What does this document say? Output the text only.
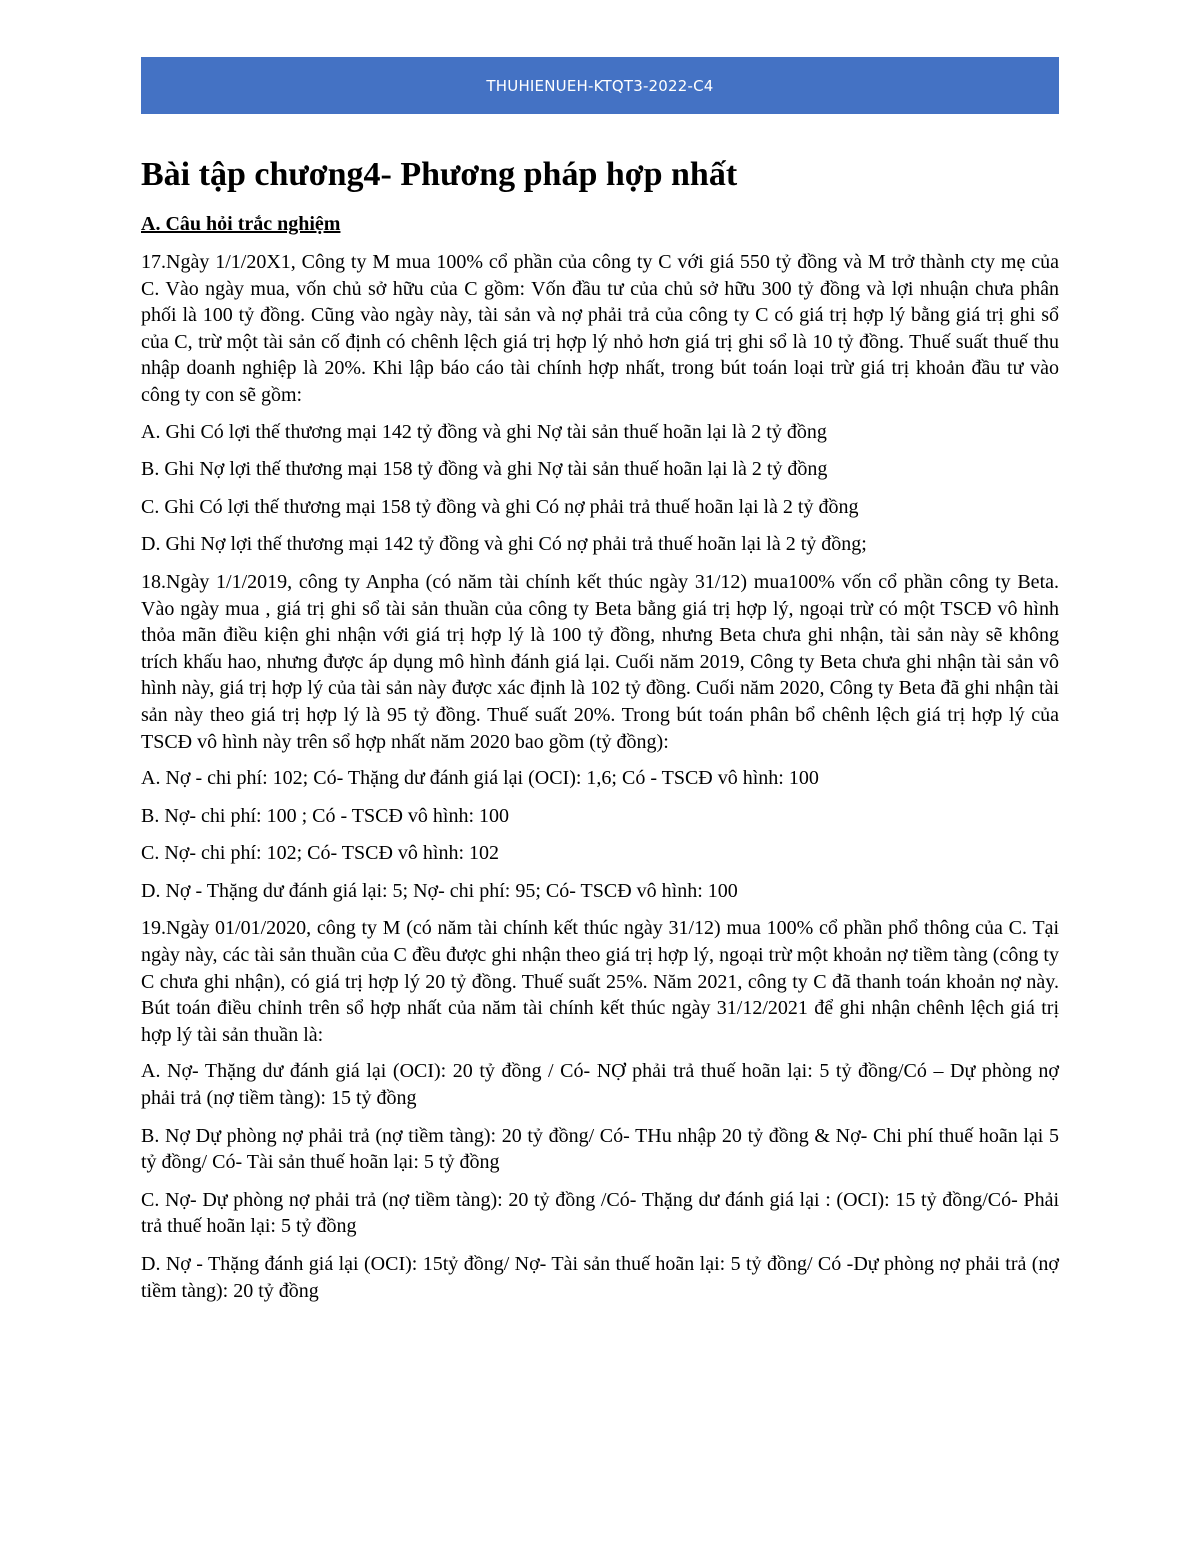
THUHIENUEH-KTQT3-2022-C4
Bài tập chương4- Phương pháp hợp nhất
A. Câu hỏi trắc nghiệm

17.Ngày 1/1/20X1, Công ty M mua 100% cổ phần của công ty C với giá 550 tỷ đồng và M trở thành cty mẹ của C. Vào ngày mua, vốn chủ sở hữu của C gồm: Vốn đầu tư của chủ sở hữu 300 tỷ đồng và lợi nhuận chưa phân phối là 100 tỷ đồng. Cũng vào ngày này, tài sản và nợ phải trả của công ty C có giá trị hợp lý bằng giá trị ghi sổ của C, trừ một tài sản cố định có chênh lệch giá trị hợp lý nhỏ hơn giá trị ghi sổ là 10 tỷ đồng. Thuế suất thuế thu nhập doanh nghiệp là 20%. Khi lập báo cáo tài chính hợp nhất, trong bút toán loại trừ giá trị khoản đầu tư vào công ty con sẽ gồm:

A. Ghi Có lợi thế thương mại 142 tỷ đồng và ghi Nợ tài sản thuế hoãn lại là 2 tỷ đồng

B. Ghi Nợ lợi thế thương mại 158 tỷ đồng và ghi Nợ tài sản thuế hoãn lại là 2 tỷ đồng

C. Ghi Có lợi thế thương mại 158 tỷ đồng và ghi Có nợ phải trả thuế hoãn lại là 2 tỷ đồng

D. Ghi Nợ lợi thế thương mại 142 tỷ đồng và ghi Có nợ phải trả thuế hoãn lại là 2 tỷ đồng;

18.Ngày 1/1/2019, công ty Anpha (có năm tài chính kết thúc ngày 31/12) mua100% vốn cổ phần công ty Beta. Vào ngày mua , giá trị ghi sổ tài sản thuần của công ty Beta bằng giá trị hợp lý, ngoại trừ có một TSCĐ vô hình thỏa mãn điều kiện ghi nhận với giá trị hợp lý là 100 tỷ đồng, nhưng Beta chưa ghi nhận, tài sản này sẽ không trích khấu hao, nhưng được áp dụng mô hình đánh giá lại. Cuối năm 2019, Công ty Beta chưa ghi nhận tài sản vô hình này, giá trị hợp lý của tài sản này được xác định là 102 tỷ đồng. Cuối năm 2020, Công ty Beta đã ghi nhận tài sản này theo giá trị hợp lý là 95 tỷ đồng. Thuế suất 20%. Trong bút toán phân bổ chênh lệch giá trị hợp lý của TSCĐ vô hình này trên sổ hợp nhất năm 2020 bao gồm (tỷ đồng):

A. Nợ - chi phí: 102; Có- Thặng dư đánh giá lại (OCI): 1,6; Có - TSCĐ vô hình: 100

B. Nợ- chi phí: 100 ; Có - TSCĐ vô hình: 100

C. Nợ- chi phí: 102; Có- TSCĐ vô hình: 102

D. Nợ - Thặng dư đánh giá lại: 5; Nợ- chi phí: 95; Có- TSCĐ vô hình: 100

19.Ngày 01/01/2020, công ty M (có năm tài chính kết thúc ngày 31/12) mua 100% cổ phần phổ thông của C. Tại ngày này, các tài sản thuần của C đều được ghi nhận theo giá trị hợp lý, ngoại trừ một khoản nợ tiềm tàng (công ty C chưa ghi nhận), có giá trị hợp lý 20 tỷ đồng. Thuế suất 25%. Năm 2021, công ty C đã thanh toán khoản nợ này. Bút toán điều chỉnh trên sổ hợp nhất của năm tài chính kết thúc ngày 31/12/2021 để ghi nhận chênh lệch giá trị hợp lý tài sản thuần là:

A. Nợ- Thặng dư đánh giá lại (OCI): 20 tỷ đồng / Có- NỢ phải trả thuế hoãn lại: 5 tỷ đồng/Có – Dự phòng nợ phải trả (nợ tiềm tàng): 15 tỷ đồng

B. Nợ Dự phòng nợ phải trả (nợ tiềm tàng): 20 tỷ đồng/ Có- THu nhập 20 tỷ đồng & Nợ- Chi phí thuế hoãn lại 5 tỷ đồng/ Có- Tài sản thuế hoãn lại: 5 tỷ đồng

C. Nợ- Dự phòng nợ phải trả (nợ tiềm tàng): 20 tỷ đồng /Có- Thặng dư đánh giá lại : (OCI): 15 tỷ đồng/Có- Phải trả thuế hoãn lại: 5 tỷ đồng

D. Nợ - Thặng đánh giá lại (OCI): 15tỷ đồng/ Nợ- Tài sản thuế hoãn lại: 5 tỷ đồng/ Có -Dự phòng nợ phải trả (nợ tiềm tàng): 20 tỷ đồng
